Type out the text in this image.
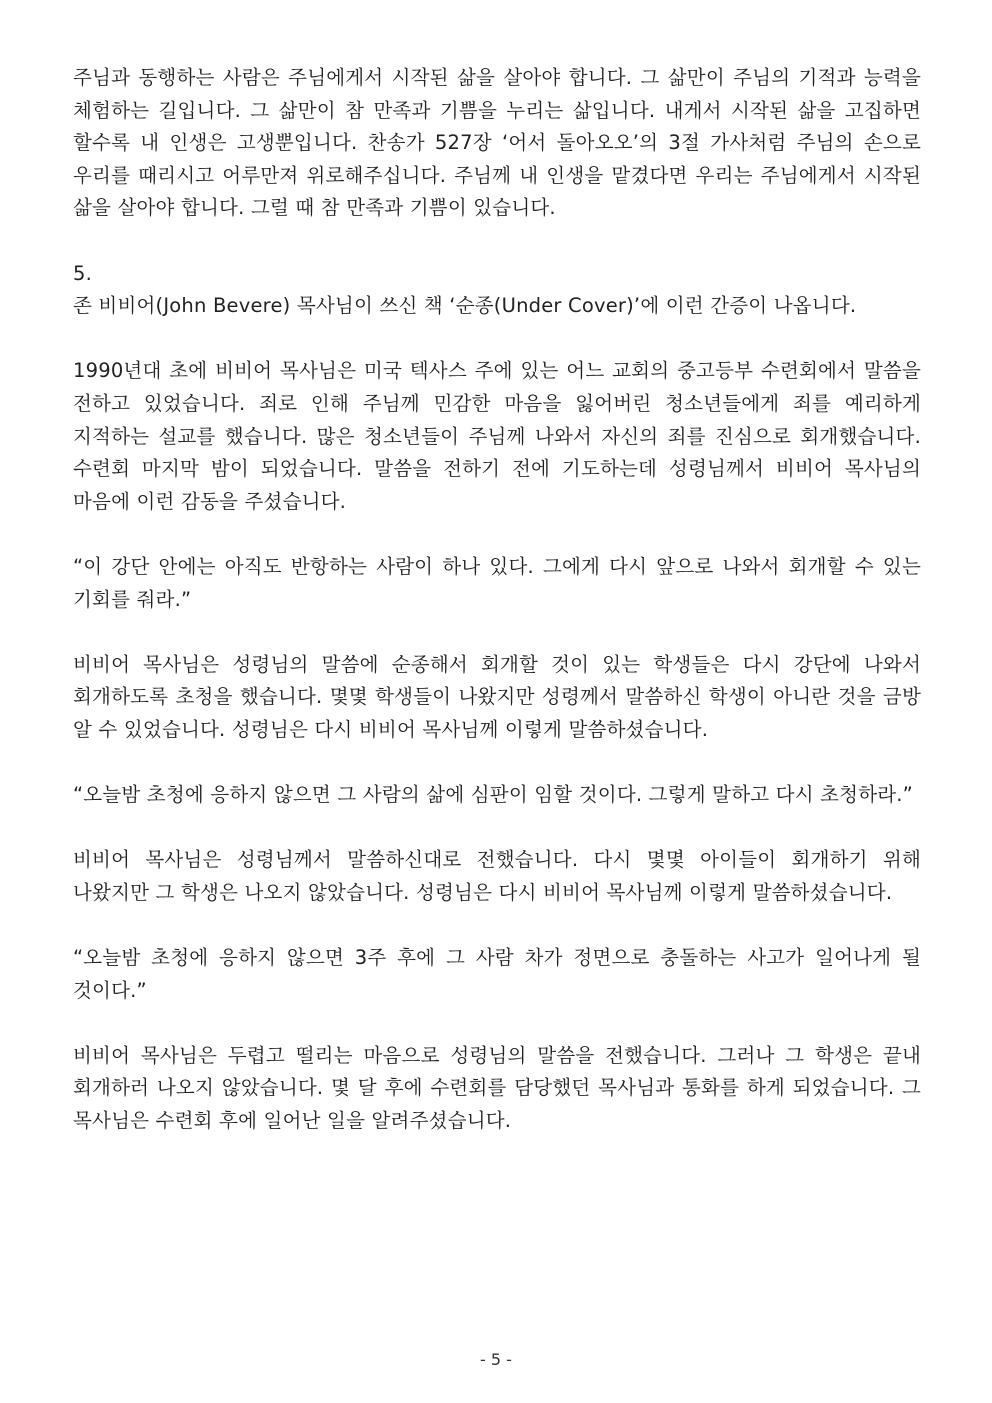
주님과 동행하는 사람은 주님에게서 시작된 삶을 살아야 합니다. 그 삶만이 주님의 기적과 능력을 체험하는 길입니다. 그 삶만이 참 만족과 기쁨을 누리는 삶입니다. 내게서 시작된 삶을 고집하면 할수록 내 인생은 고생뿐입니다. 찬송가 527장 ‘어서 돌아오오’의 3절 가사처럼 주님의 손으로 우리를 때리시고 어루만져 위로해주십니다. 주님께 내 인생을 맡겼다면 우리는 주님에게서 시작된 삶을 살아야 합니다. 그럴 때 참 만족과 기쁨이 있습니다.

5.

존 비비어(John Bevere) 목사님이 쓰신 책 ‘순종(Under Cover)’에 이런 간증이 나옵니다.

1990년대 초에 비비어 목사님은 미국 텍사스 주에 있는 어느 교회의 중고등부 수련회에서 말씀을 전하고 있었습니다. 죄로 인해 주님께 민감한 마음을 잃어버린 청소년들에게 죄를 예리하게 지적하는 설교를 했습니다. 많은 청소년들이 주님께 나와서 자신의 죄를 진심으로 회개했습니다. 수련회 마지막 밤이 되었습니다. 말씀을 전하기 전에 기도하는데 성령님께서 비비어 목사님의 마음에 이런 감동을 주셨습니다.

“이 강단 안에는 아직도 반항하는 사람이 하나 있다. 그에게 다시 앞으로 나와서 회개할 수 있는 기회를 줘라.”

비비어 목사님은 성령님의 말씀에 순종해서 회개할 것이 있는 학생들은 다시 강단에 나와서 회개하도록 초청을 했습니다. 몇몇 학생들이 나왔지만 성령께서 말씀하신 학생이 아니란 것을 금방 알 수 있었습니다. 성령님은 다시 비비어 목사님께 이렇게 말씀하셨습니다.

“오늘밤 초청에 응하지 않으면 그 사람의 삶에 심판이 임할 것이다. 그렇게 말하고 다시 초청하라.”

비비어 목사님은 성령님께서 말씀하신대로 전했습니다. 다시 몇몇 아이들이 회개하기 위해 나왔지만 그 학생은 나오지 않았습니다. 성령님은 다시 비비어 목사님께 이렇게 말씀하셨습니다.

“오늘밤 초청에 응하지 않으면 3주 후에 그 사람 차가 정면으로 충돌하는 사고가 일어나게 될 것이다.”

비비어 목사님은 두렵고 떨리는 마음으로 성령님의 말씀을 전했습니다. 그러나 그 학생은 끝내 회개하러 나오지 않았습니다. 몇 달 후에 수련회를 담당했던 목사님과 통화를 하게 되었습니다. 그 목사님은 수련회 후에 일어난 일을 알려주셨습니다.

- 5 -
